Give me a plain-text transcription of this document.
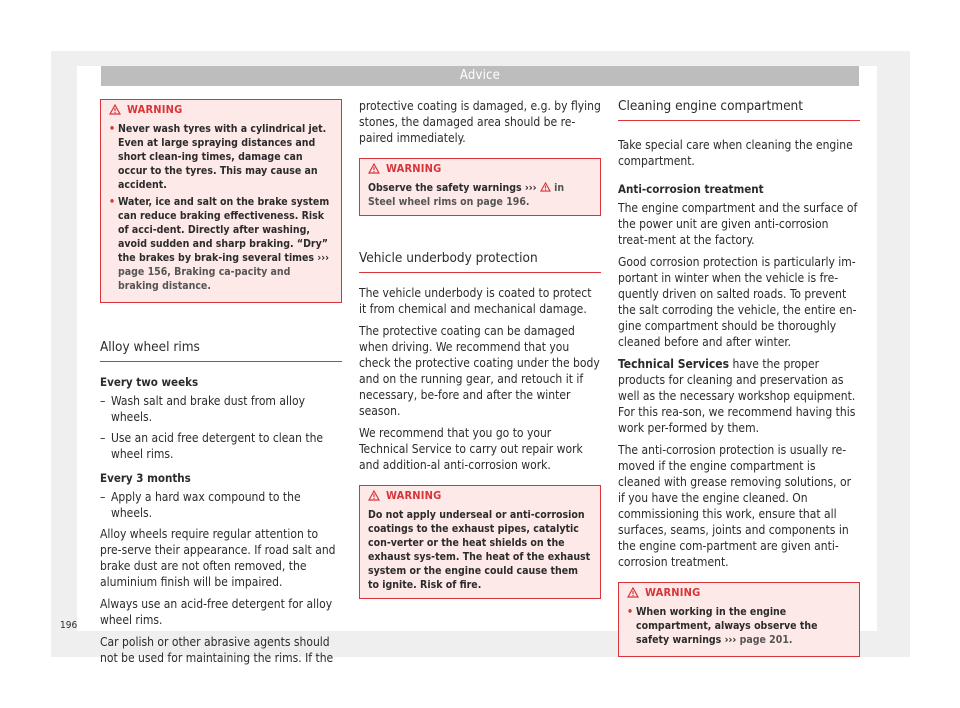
Advice
WARNING
• Never wash tyres with a cylindrical jet. Even at large spraying distances and short clean-ing times, damage can occur to the tyres. This may cause an accident.
• Water, ice and salt on the brake system can reduce braking effectiveness. Risk of acci-dent. Directly after washing, avoid sudden and sharp braking. “Dry” the brakes by brak-ing several times ››› page 156, Braking ca-pacity and braking distance.
Alloy wheel rims
Every two weeks
– Wash salt and brake dust from alloy wheels.
– Use an acid free detergent to clean the wheel rims.
Every 3 months
– Apply a hard wax compound to the wheels.

Alloy wheels require regular attention to pre-serve their appearance. If road salt and brake dust are not often removed, the aluminium finish will be impaired.

Always use an acid-free detergent for alloy wheel rims.

Car polish or other abrasive agents should not be used for maintaining the rims. If the

protective coating is damaged, e.g. by flying stones, the damaged area should be re-paired immediately.

WARNING
Observe the safety warnings ››› in Steel wheel rims on page 196.
Vehicle underbody protection

The vehicle underbody is coated to protect it from chemical and mechanical damage.

The protective coating can be damaged when driving. We recommend that you check the protective coating under the body and on the running gear, and retouch it if necessary, be-fore and after the winter season.

We recommend that you go to your Technical Service to carry out repair work and addition-al anti-corrosion work.

WARNING
Do not apply underseal or anti-corrosion coatings to the exhaust pipes, catalytic con-verter or the heat shields on the exhaust sys-tem. The heat of the exhaust system or the engine could cause them to ignite. Risk of fire.
Cleaning engine compartment

Take special care when cleaning the engine compartment.

Anti-corrosion treatment

The engine compartment and the surface of the power unit are given anti-corrosion treat-ment at the factory.

Good corrosion protection is particularly im-portant in winter when the vehicle is fre-quently driven on salted roads. To prevent the salt corroding the vehicle, the entire en-gine compartment should be thoroughly cleaned before and after winter.

Technical Services have the proper products for cleaning and preservation as well as the necessary workshop equipment. For this rea-son, we recommend having this work per-formed by them.

The anti-corrosion protection is usually re-moved if the engine compartment is cleaned with grease removing solutions, or if you have the engine cleaned. On commissioning this work, ensure that all surfaces, seams, joints and components in the engine com-partment are given anti-corrosion treatment.

WARNING
• When working in the engine compartment, always observe the safety warnings ››› page 201.
196
